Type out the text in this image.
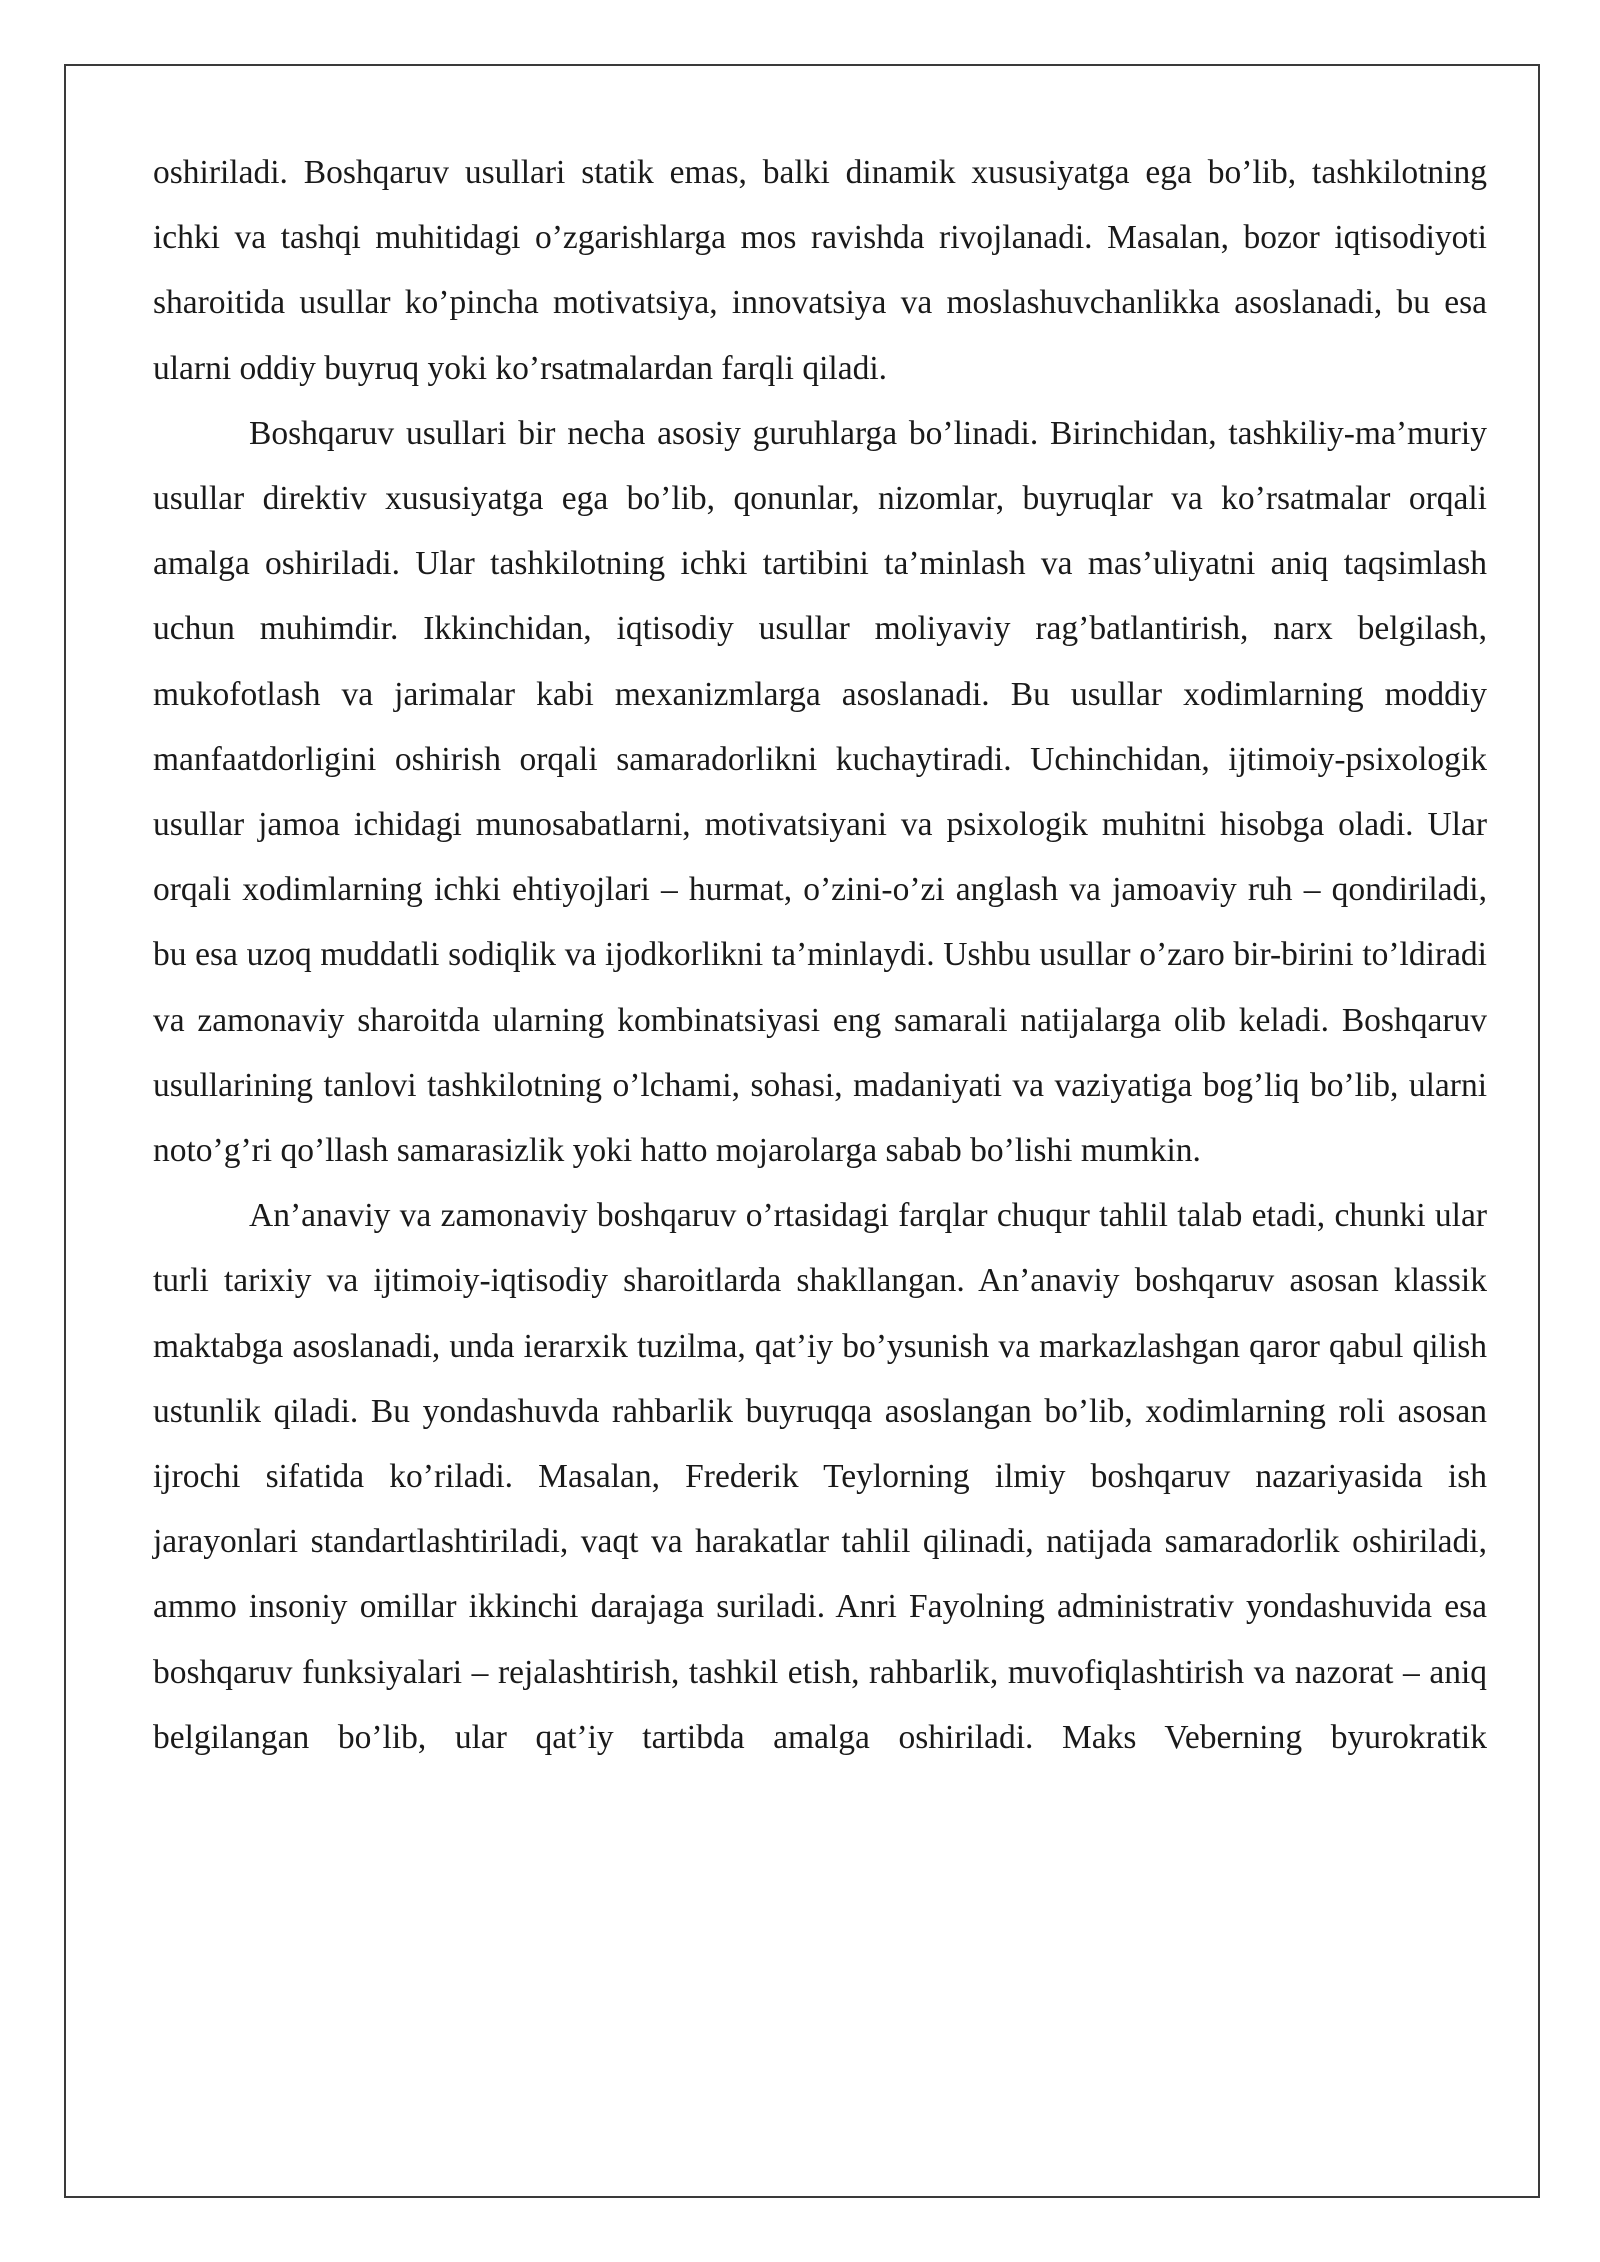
oshiriladi. Boshqaruv usullari statik emas, balki dinamik xususiyatga ega bo’lib, tashkilotning ichki va tashqi muhitidagi o’zgarishlarga mos ravishda rivojlanadi. Masalan, bozor iqtisodiyoti sharoitida usullar ko’pincha motivatsiya, innovatsiya va moslashuvchanlikka asoslanadi, bu esa ularni oddiy buyruq yoki ko’rsatmalardan farqli qiladi.

Boshqaruv usullari bir necha asosiy guruhlarga bo’linadi. Birinchidan, tashkiliy-ma’muriy usullar direktiv xususiyatga ega bo’lib, qonunlar, nizomlar, buyruqlar va ko’rsatmalar orqali amalga oshiriladi. Ular tashkilotning ichki tartibini ta’minlash va mas’uliyatni aniq taqsimlash uchun muhimdir. Ikkinchidan, iqtisodiy usullar moliyaviy rag’batlantirish, narx belgilash, mukofotlash va jarimalar kabi mexanizmlarga asoslanadi. Bu usullar xodimlarning moddiy manfaatdorligini oshirish orqali samaradorlikni kuchaytiradi. Uchinchidan, ijtimoiy-psixologik usullar jamoa ichidagi munosabatlarni, motivatsiyani va psixologik muhitni hisobga oladi. Ular orqali xodimlarning ichki ehtiyojlari – hurmat, o’zini-o’zi anglash va jamoaviy ruh – qondiriladi, bu esa uzoq muddatli sodiqlik va ijodkorlikni ta’minlaydi. Ushbu usullar o’zaro bir-birini to’ldiradi va zamonaviy sharoitda ularning kombinatsiyasi eng samarali natijalarga olib keladi. Boshqaruv usullarining tanlovi tashkilotning o’lchami, sohasi, madaniyati va vaziyatiga bog’liq bo’lib, ularni noto’g’ri qo’llash samarasizlik yoki hatto mojarolarga sabab bo’lishi mumkin.

An’anaviy va zamonaviy boshqaruv o’rtasidagi farqlar chuqur tahlil talab etadi, chunki ular turli tarixiy va ijtimoiy-iqtisodiy sharoitlarda shakllangan. An’anaviy boshqaruv asosan klassik maktabga asoslanadi, unda ierarxik tuzilma, qat’iy bo’ysunish va markazlashgan qaror qabul qilish ustunlik qiladi. Bu yondashuvda rahbarlik buyruqqa asoslangan bo’lib, xodimlarning roli asosan ijrochi sifatida ko’riladi. Masalan, Frederik Teylorning ilmiy boshqaruv nazariyasida ish jarayonlari standartlashtiriladi, vaqt va harakatlar tahlil qilinadi, natijada samaradorlik oshiriladi, ammo insoniy omillar ikkinchi darajaga suriladi. Anri Fayolning administrativ yondashuvida esa boshqaruv funksiyalari – rejalashtirish, tashkil etish, rahbarlik, muvofiqlashtirish va nazorat – aniq belgilangan bo’lib, ular qat’iy tartibda amalga oshiriladi. Maks Veberning byurokratik
